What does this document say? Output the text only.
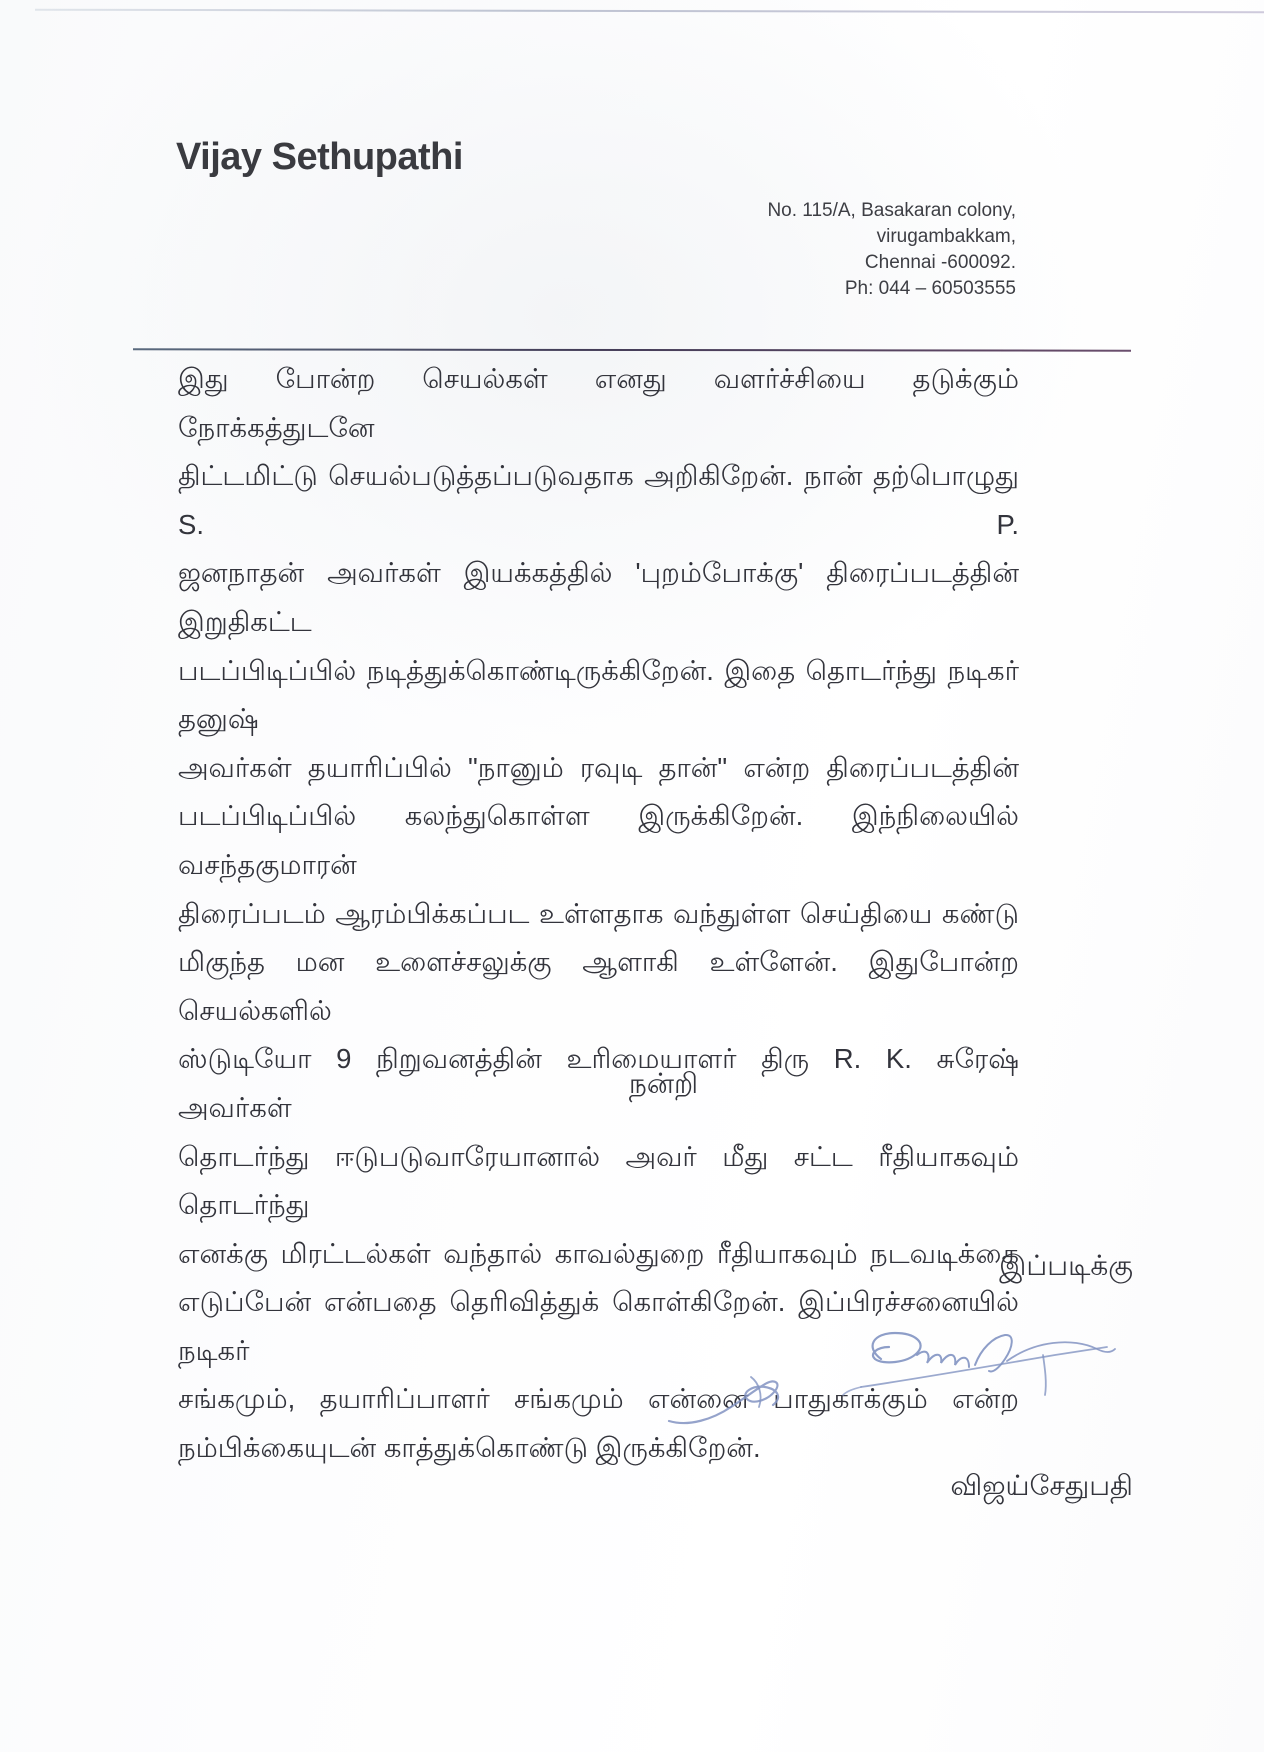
Vijay Sethupathi
No. 115/A, Basakaran colony,
virugambakkam,
Chennai -600092.
Ph: 044 – 60503555
இது போன்ற செயல்கள் எனது வளர்ச்சியை தடுக்கும் நோக்கத்துடனே
திட்டமிட்டு செயல்படுத்தப்படுவதாக அறிகிறேன். நான் தற்பொழுது S. P.
ஜனநாதன் அவர்கள் இயக்கத்தில் 'புறம்போக்கு' திரைப்படத்தின் இறுதிகட்ட
படப்பிடிப்பில் நடித்துக்கொண்டிருக்கிறேன். இதை தொடர்ந்து நடிகர் தனுஷ்
அவர்கள் தயாரிப்பில் "நானும் ரவுடி தான்" என்ற திரைப்படத்தின்
படப்பிடிப்பில் கலந்துகொள்ள இருக்கிறேன். இந்நிலையில் வசந்தகுமாரன்
திரைப்படம் ஆரம்பிக்கப்பட உள்ளதாக வந்துள்ள செய்தியை கண்டு
மிகுந்த மன உளைச்சலுக்கு ஆளாகி உள்ளேன். இதுபோன்ற செயல்களில்
ஸ்டுடியோ 9 நிறுவனத்தின் உரிமையாளர் திரு R. K. சுரேஷ் அவர்கள்
தொடர்ந்து ஈடுபடுவாரேயானால் அவர் மீது சட்ட ரீதியாகவும் தொடர்ந்து
எனக்கு மிரட்டல்கள் வந்தால் காவல்துறை ரீதியாகவும் நடவடிக்கை
எடுப்பேன் என்பதை தெரிவித்துக் கொள்கிறேன். இப்பிரச்சனையில் நடிகர்
சங்கமும், தயாரிப்பாளர் சங்கமும் என்னை பாதுகாக்கும் என்ற
நம்பிக்கையுடன் காத்துக்கொண்டு இருக்கிறேன்.
நன்றி
இப்படிக்கு
விஜய்சேதுபதி
